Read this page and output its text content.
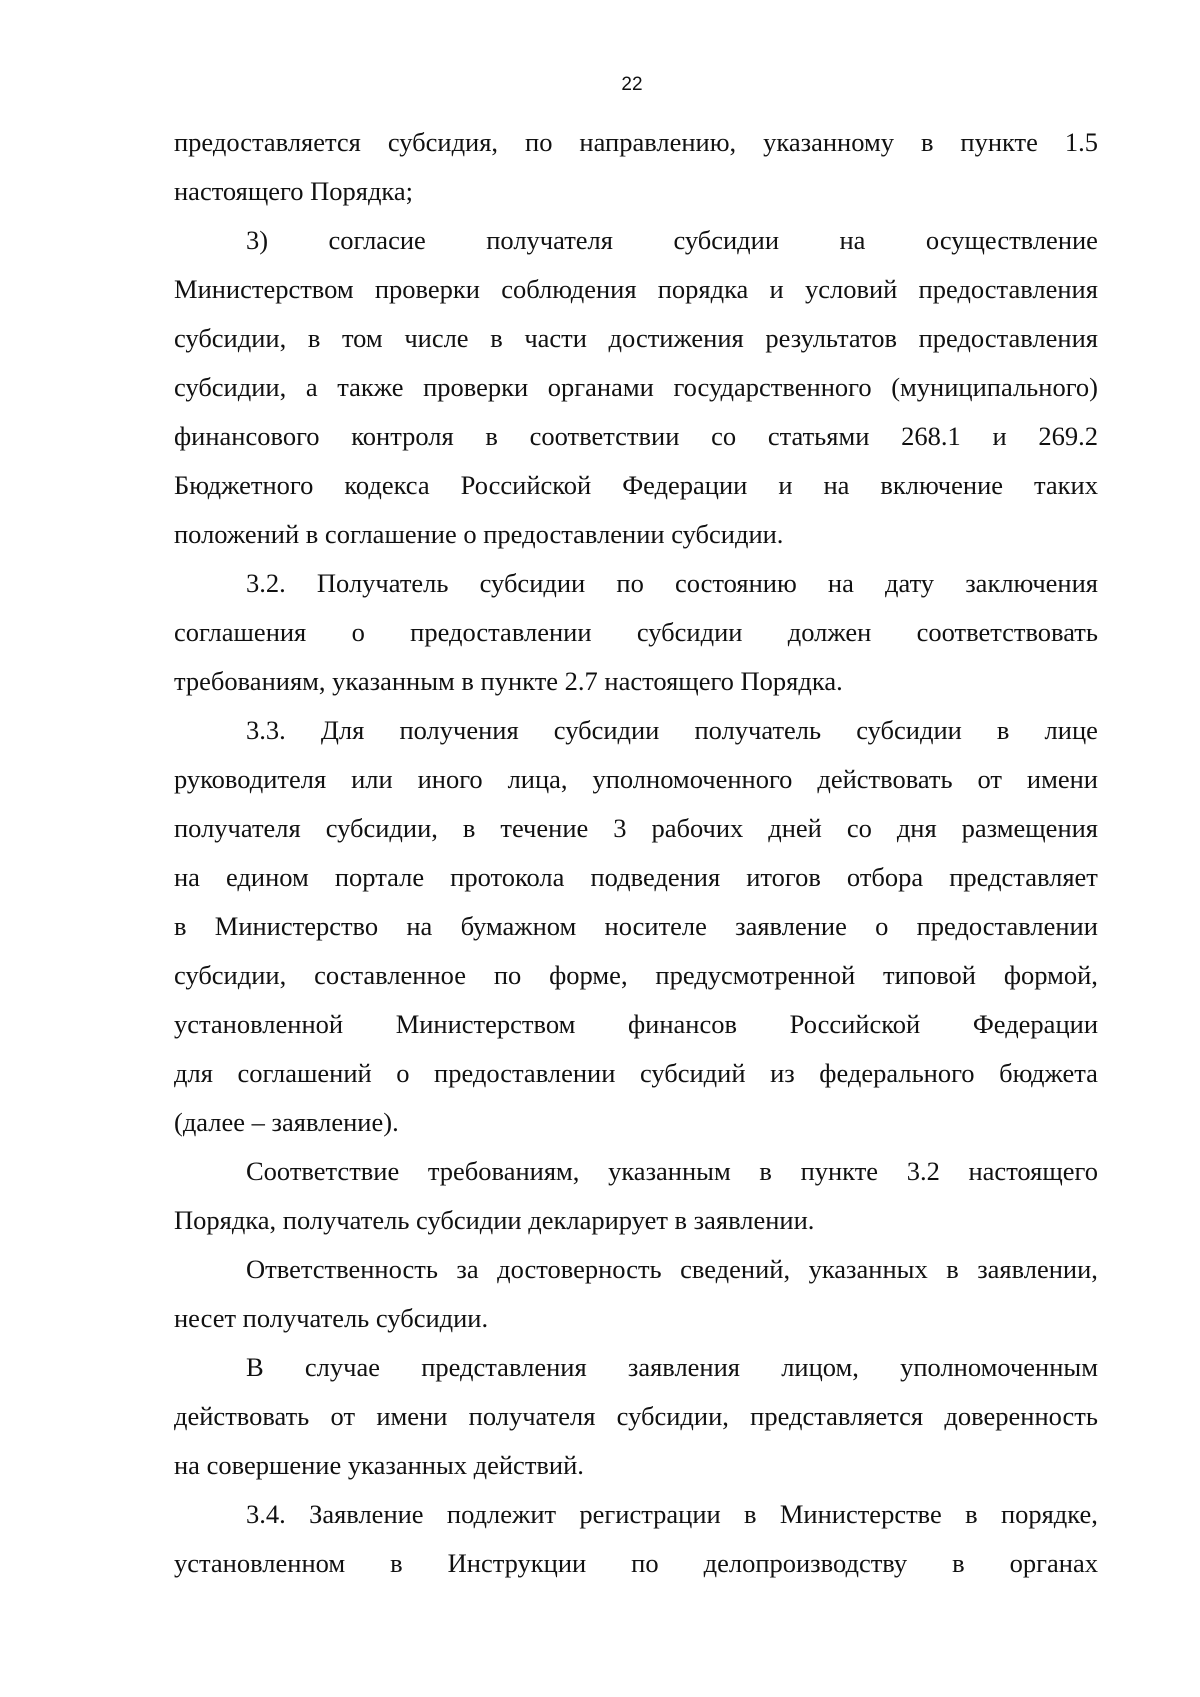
22
предоставляется субсидия, по направлению, указанному в пункте 1.5
настоящего Порядка;
3) согласие получателя субсидии на осуществление
Министерством проверки соблюдения порядка и условий предоставления
субсидии, в том числе в части достижения результатов предоставления
субсидии, а также проверки органами государственного (муниципального)
финансового контроля в соответствии со статьями 268.1 и 269.2
Бюджетного кодекса Российской Федерации и на включение таких
положений в соглашение о предоставлении субсидии.
3.2. Получатель субсидии по состоянию на дату заключения
соглашения о предоставлении субсидии должен соответствовать
требованиям, указанным в пункте 2.7 настоящего Порядка.
3.3. Для получения субсидии получатель субсидии в лице
руководителя или иного лица, уполномоченного действовать от имени
получателя субсидии, в течение 3 рабочих дней со дня размещения
на едином портале протокола подведения итогов отбора представляет
в Министерство на бумажном носителе заявление о предоставлении
субсидии, составленное по форме, предусмотренной типовой формой,
установленной Министерством финансов Российской Федерации
для соглашений о предоставлении субсидий из федерального бюджета
(далее – заявление).
Соответствие требованиям, указанным в пункте 3.2 настоящего
Порядка, получатель субсидии декларирует в заявлении.
Ответственность за достоверность сведений, указанных в заявлении,
несет получатель субсидии.
В случае представления заявления лицом, уполномоченным
действовать от имени получателя субсидии, представляется доверенность
на совершение указанных действий.
3.4. Заявление подлежит регистрации в Министерстве в порядке,
установленном в Инструкции по делопроизводству в органах
